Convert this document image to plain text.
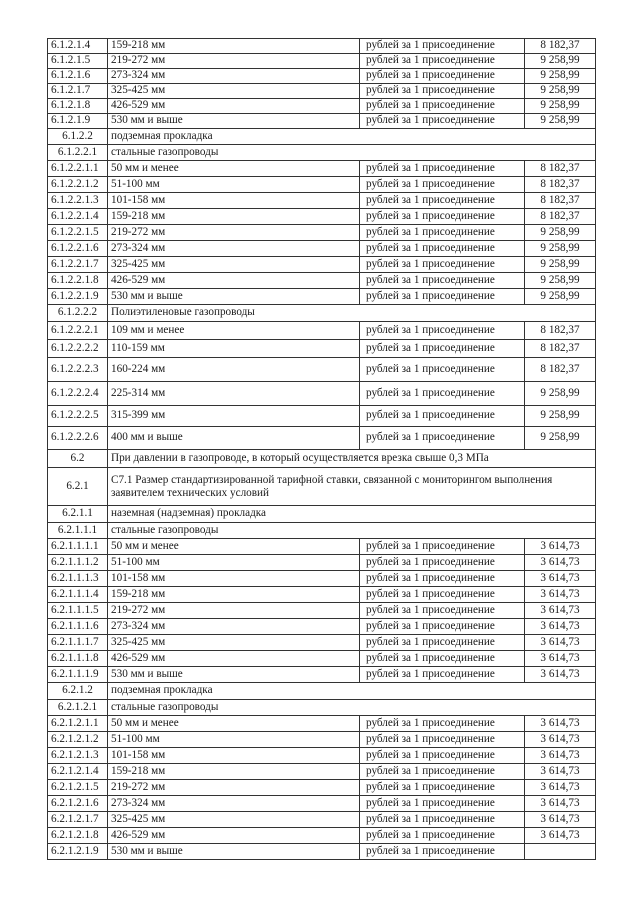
6.1.2.1.4	159-218 мм	рублей за 1 присоединение	8 182,37
6.1.2.1.5	219-272 мм	рублей за 1 присоединение	9 258,99
6.1.2.1.6	273-324 мм	рублей за 1 присоединение	9 258,99
6.1.2.1.7	325-425 мм	рублей за 1 присоединение	9 258,99
6.1.2.1.8	426-529 мм	рублей за 1 присоединение	9 258,99
6.1.2.1.9	530 мм и выше	рублей за 1 присоединение	9 258,99
6.1.2.2	подземная прокладка		
6.1.2.2.1	стальные газопроводы		
6.1.2.2.1.1	50 мм и менее	рублей за 1 присоединение	8 182,37
6.1.2.2.1.2	51-100 мм	рублей за 1 присоединение	8 182,37
6.1.2.2.1.3	101-158 мм	рублей за 1 присоединение	8 182,37
6.1.2.2.1.4	159-218 мм	рублей за 1 присоединение	8 182,37
6.1.2.2.1.5	219-272 мм	рублей за 1 присоединение	9 258,99
6.1.2.2.1.6	273-324 мм	рублей за 1 присоединение	9 258,99
6.1.2.2.1.7	325-425 мм	рублей за 1 присоединение	9 258,99
6.1.2.2.1.8	426-529 мм	рублей за 1 присоединение	9 258,99
6.1.2.2.1.9	530 мм и выше	рублей за 1 присоединение	9 258,99
6.1.2.2.2	Полиэтиленовые газопроводы		
6.1.2.2.2.1	109 мм и менее	рублей за 1 присоединение	8 182,37
6.1.2.2.2.2	110-159 мм	рублей за 1 присоединение	8 182,37
6.1.2.2.2.3	160-224 мм	рублей за 1 присоединение	8 182,37
6.1.2.2.2.4	225-314 мм	рублей за 1 присоединение	9 258,99
6.1.2.2.2.5	315-399 мм	рублей за 1 присоединение	9 258,99
6.1.2.2.2.6	400 мм и выше	рублей за 1 присоединение	9 258,99
6.2	При давлении в газопроводе, в который осуществляется врезка свыше 0,3 МПа		
6.2.1	С7.1 Размер стандартизированной тарифной ставки, связанной с мониторингом выполнения заявителем технических условий		
6.2.1.1	наземная (надземная) прокладка		
6.2.1.1.1	стальные газопроводы		
6.2.1.1.1.1	50 мм и менее	рублей за 1 присоединение	3 614,73
6.2.1.1.1.2	51-100 мм	рублей за 1 присоединение	3 614,73
6.2.1.1.1.3	101-158 мм	рублей за 1 присоединение	3 614,73
6.2.1.1.1.4	159-218 мм	рублей за 1 присоединение	3 614,73
6.2.1.1.1.5	219-272 мм	рублей за 1 присоединение	3 614,73
6.2.1.1.1.6	273-324 мм	рублей за 1 присоединение	3 614,73
6.2.1.1.1.7	325-425 мм	рублей за 1 присоединение	3 614,73
6.2.1.1.1.8	426-529 мм	рублей за 1 присоединение	3 614,73
6.2.1.1.1.9	530 мм и выше	рублей за 1 присоединение	3 614,73
6.2.1.2	подземная прокладка		
6.2.1.2.1	стальные газопроводы		
6.2.1.2.1.1	50 мм и менее	рублей за 1 присоединение	3 614,73
6.2.1.2.1.2	51-100 мм	рублей за 1 присоединение	3 614,73
6.2.1.2.1.3	101-158 мм	рублей за 1 присоединение	3 614,73
6.2.1.2.1.4	159-218 мм	рублей за 1 присоединение	3 614,73
6.2.1.2.1.5	219-272 мм	рублей за 1 присоединение	3 614,73
6.2.1.2.1.6	273-324 мм	рублей за 1 присоединение	3 614,73
6.2.1.2.1.7	325-425 мм	рублей за 1 присоединение	3 614,73
6.2.1.2.1.8	426-529 мм	рублей за 1 присоединение	3 614,73
6.2.1.2.1.9	530 мм и выше	рублей за 1 присоединение	
